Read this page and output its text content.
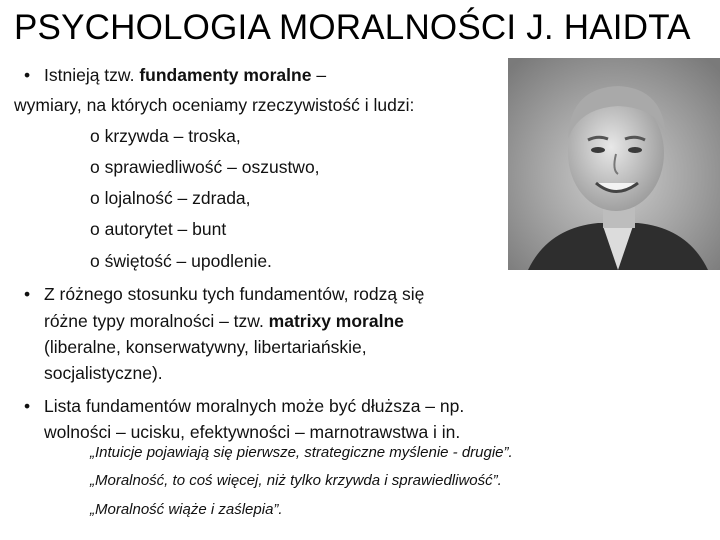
PSYCHOLOGIA MORALNOŚCI J. HAIDTA
• Istnieją tzw. fundamenty moralne –
wymiary, na których oceniamy rzeczywistość i ludzi:
o krzywda – troska,
o sprawiedliwość – oszustwo,
o lojalność – zdrada,
o autorytet – bunt
o świętość – upodlenie.
• Z różnego stosunku tych fundamentów, rodzą się
różne typy moralności – tzw. matrixy moralne
(liberalne, konserwatywny, libertariańskie,
socjalistyczne).
• Lista fundamentów moralnych może być dłuższa – np.
wolności – ucisku, efektywności – marnotrawstwa i in.
„Intuicje pojawiają się pierwsze, strategiczne myślenie - drugie”.
„Moralność, to coś więcej, niż tylko krzywda i sprawiedliwość”.
„Moralność wiąże i zaślepia”.
